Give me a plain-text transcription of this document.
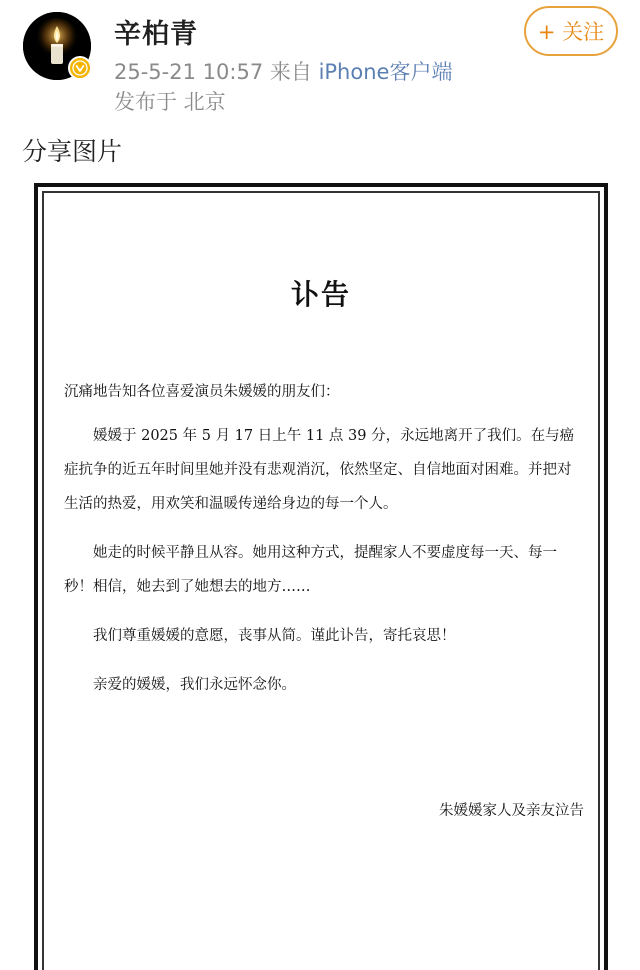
辛柏青
25-5-21 10:57 来自 iPhone客户端
发布于 北京
+ 关注
分享图片
讣告

沉痛地告知各位喜爱演员朱媛媛的朋友们：

媛媛于 2025 年 5 月 17 日上午 11 点 39 分，永远地离开了我们。在与癌症抗争的近五年时间里她并没有悲观消沉，依然坚定、自信地面对困难。并把对生活的热爱，用欢笑和温暖传递给身边的每一个人。

她走的时候平静且从容。她用这种方式，提醒家人不要虚度每一天、每一秒！相信，她去到了她想去的地方……

我们尊重媛媛的意愿，丧事从简。谨此讣告，寄托哀思！

亲爱的媛媛，我们永远怀念你。

朱媛媛家人及亲友泣告
